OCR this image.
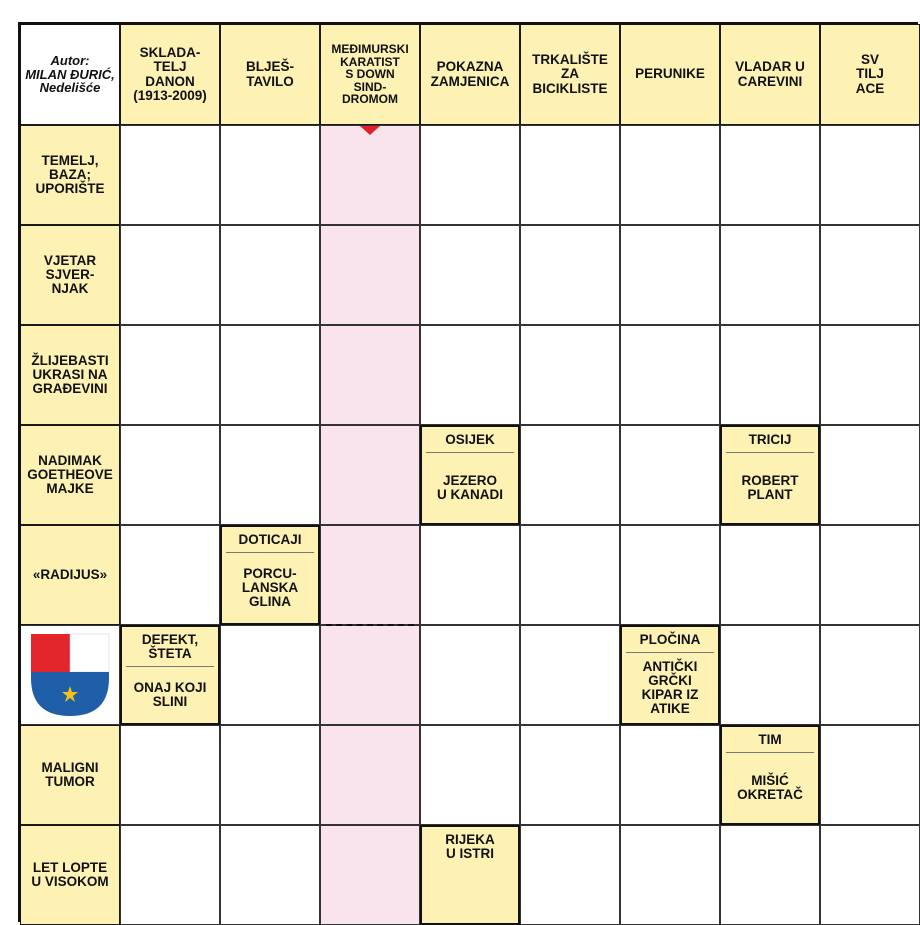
Autor:
MILAN ĐURIĆ,
Nedelišće
SKLADA-
TELJ
DANON
(1913-2009)
BLJEŠ-
TAVILO
MEĐIMURSKI
KARATIST
S DOWN
SIND-
DROMOM
POKAZNA
ZAMJENICA
TRKALIŠTE
ZA
BICIKLISTE
PERUNIKE	VLADAR U
CAREVINI
SV
TILJ
ACE
TEMELJ,
BAZA;
UPORIŠTE
VJETAR
SJVER-
NJAK
ŽLIJEBASTI
UKRASI NA
GRAĐEVINI
NADIMAK
GOETHEOVE
MAJKE
«RADIJUS»
MALIGNI
TUMOR
LET LOPTE
U VISOKOM
OSIJEK
JEZERO
U KANADI
TRICIJ
ROBERT
PLANT
DOTICAJI
PORCU-
LANSKA
GLINA
DEFEKT,
ŠTETA
ONAJ KOJI
SLINI
PLOČINA
ANTIČKI
GRČKI
KIPAR IZ
ATIKE
TIM
MIŠIĆ
OKRETAČ
RIJEKA
U ISTRI
